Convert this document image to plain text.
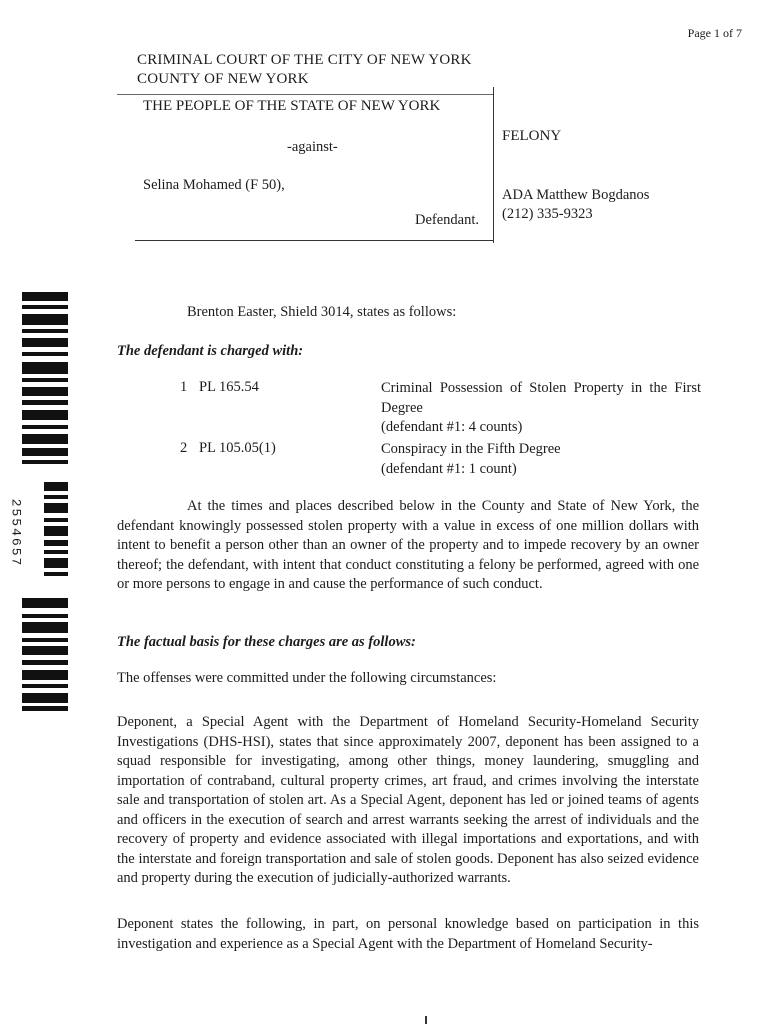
Page 1 of 7
CRIMINAL COURT OF THE CITY OF NEW YORK
COUNTY OF NEW YORK
THE PEOPLE OF THE STATE OF NEW YORK
-against-
Selina Mohamed (F 50),
Defendant.
FELONY
ADA Matthew Bogdanos
(212) 335-9323
Brenton Easter, Shield 3014, states as follows:
The defendant is charged with:
1 PL 165.54	Criminal Possession of Stolen Property in the First Degree
(defendant #1: 4 counts)
2 PL 105.05(1)	Conspiracy in the Fifth Degree
(defendant #1: 1 count)

At the times and places described below in the County and State of New York, the defendant knowingly possessed stolen property with a value in excess of one million dollars with intent to benefit a person other than an owner of the property and to impede recovery by an owner thereof; the defendant, with intent that conduct constituting a felony be performed, agreed with one or more persons to engage in and cause the performance of such conduct.

The factual basis for these charges are as follows:

The offenses were committed under the following circumstances:

Deponent, a Special Agent with the Department of Homeland Security-Homeland Security Investigations (DHS-HSI), states that since approximately 2007, deponent has been assigned to a squad responsible for investigating, among other things, money laundering, smuggling and importation of contraband, cultural property crimes, art fraud, and crimes involving the interstate sale and transportation of stolen art. As a Special Agent, deponent has led or joined teams of agents and officers in the execution of search and arrest warrants seeking the arrest of individuals and the recovery of property and evidence associated with illegal importations and exportations, and with the interstate and foreign transportation and sale of stolen goods. Deponent has also seized evidence and property during the execution of judicially-authorized warrants.

Deponent states the following, in part, on personal knowledge based on participation in this investigation and experience as a Special Agent with the Department of Homeland Security-

2554657
